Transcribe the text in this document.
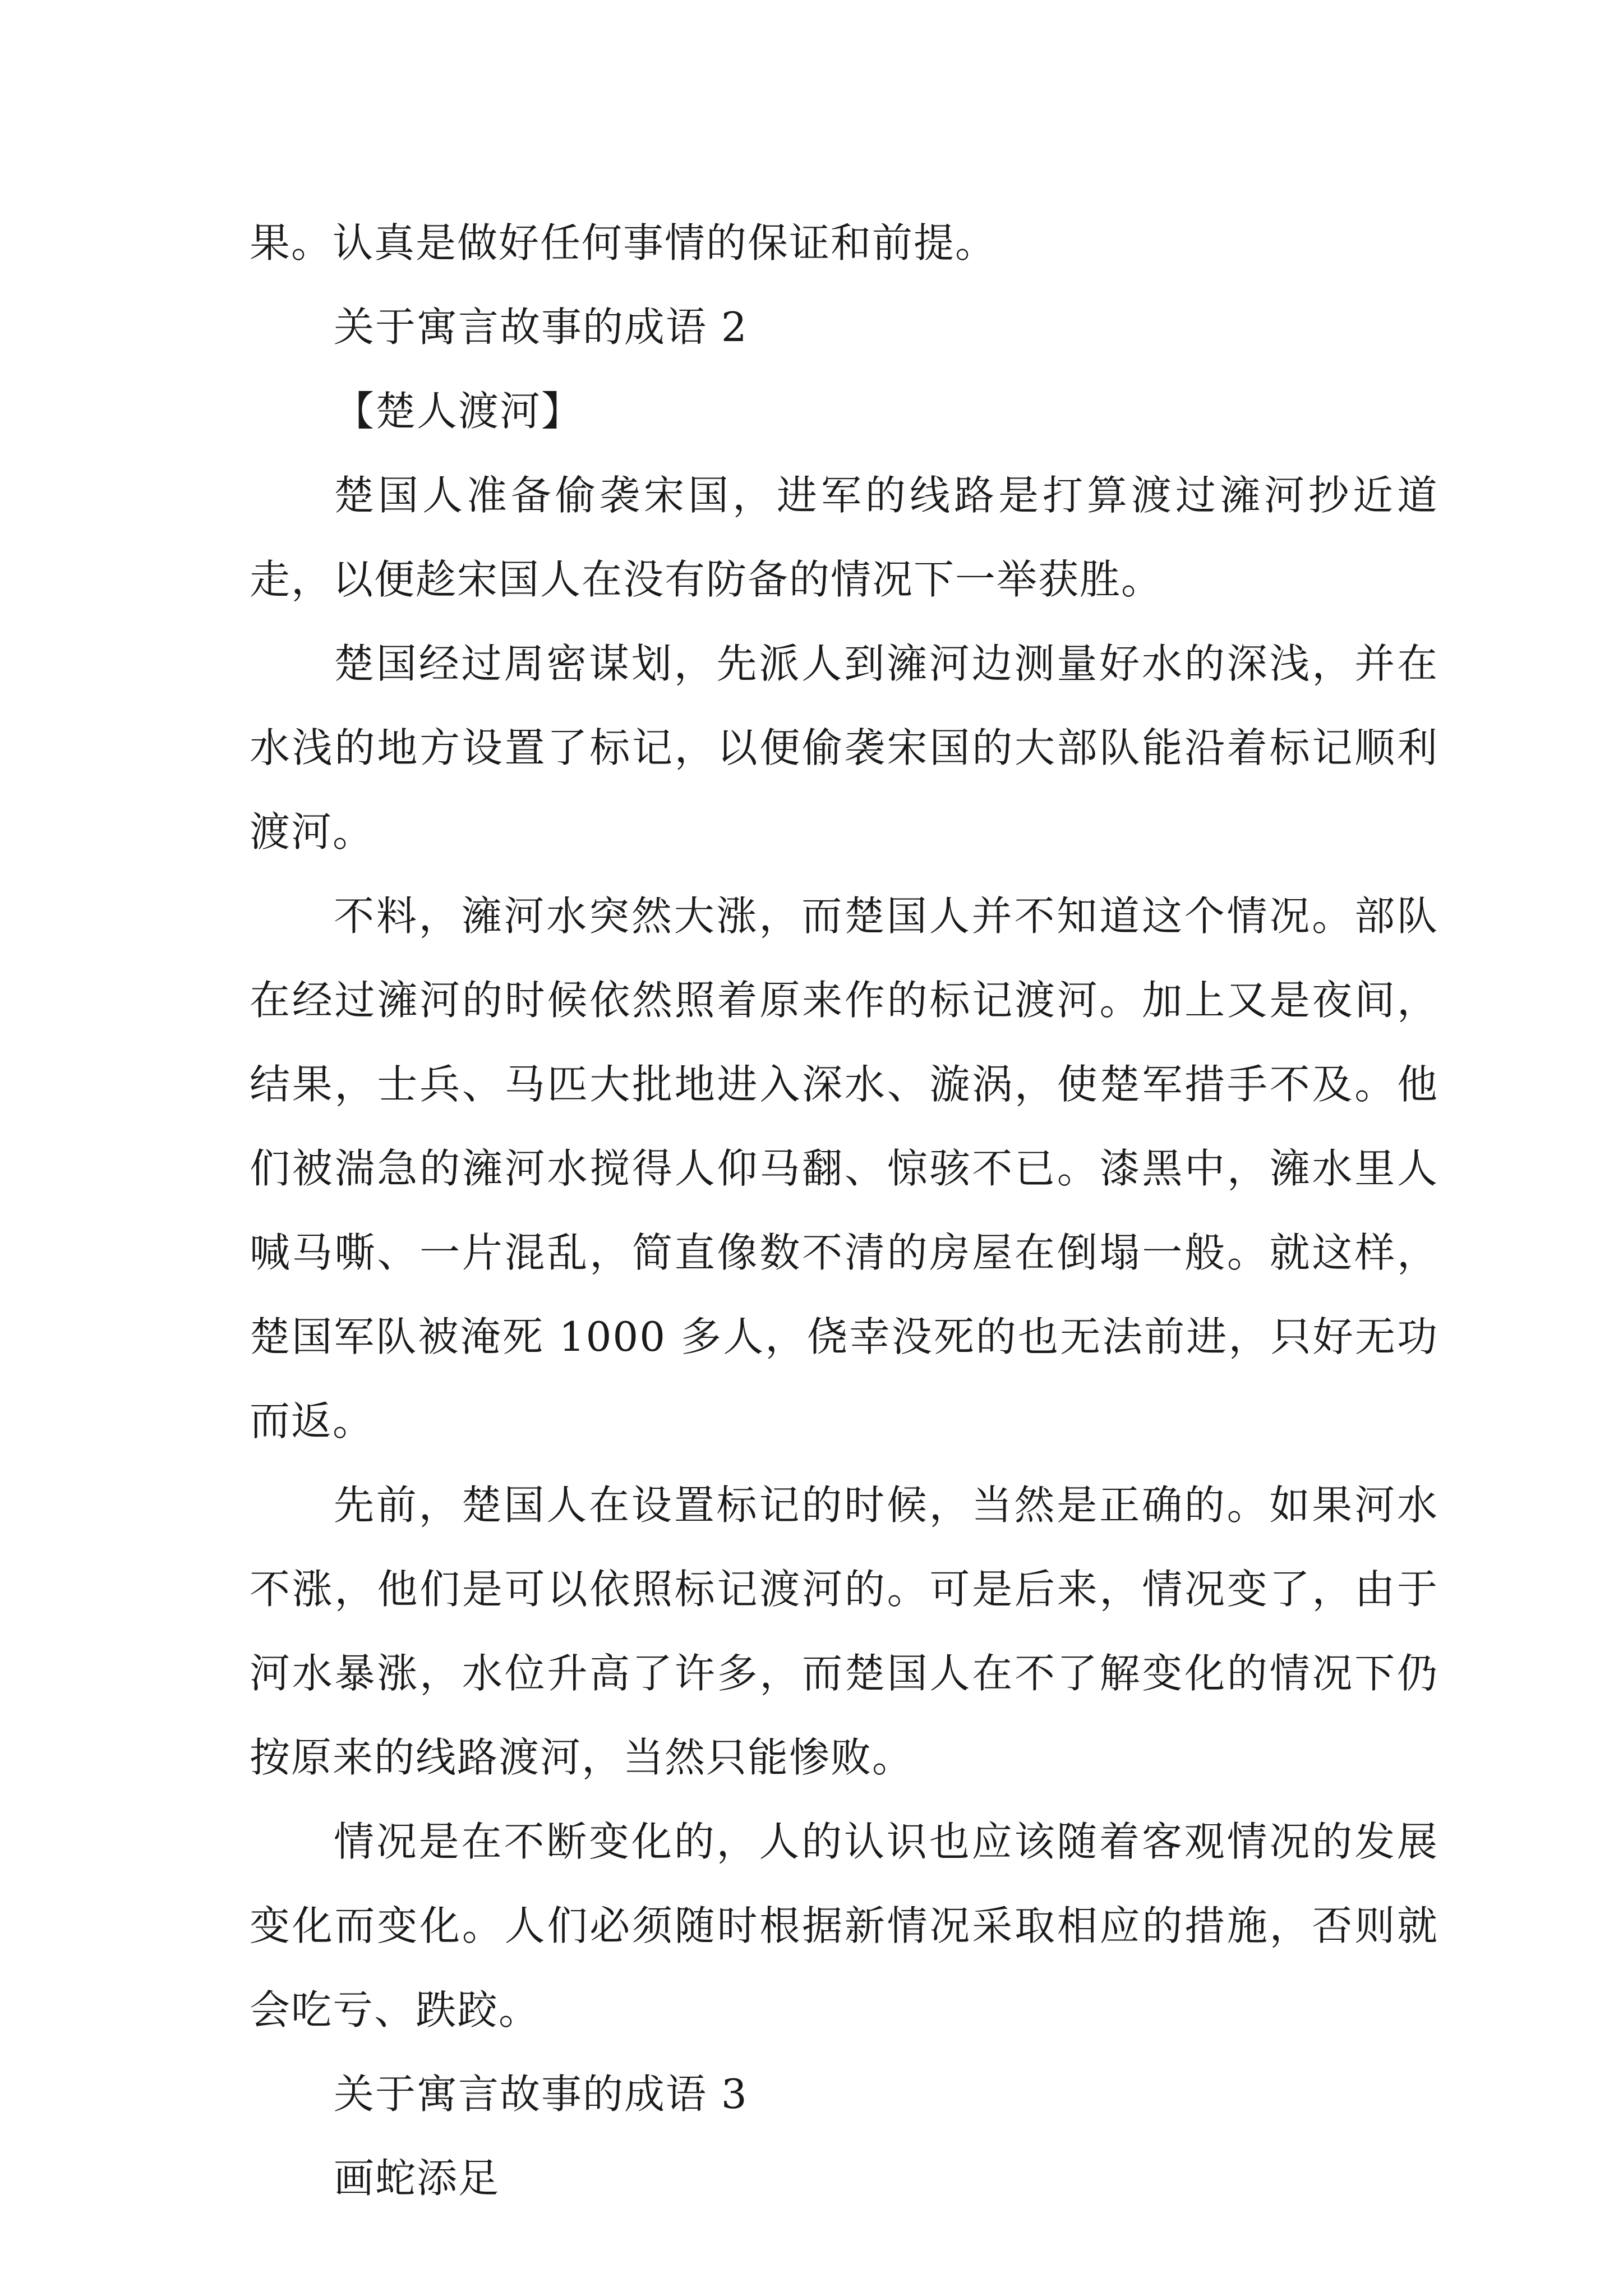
果。认真是做好任何事情的保证和前提。

关于寓言故事的成语 2

【楚人渡河】

楚国人准备偷袭宋国，进军的线路是打算渡过澭河抄近道走，以便趁宋国人在没有防备的情况下一举获胜。

楚国经过周密谋划，先派人到澭河边测量好水的深浅，并在水浅的地方设置了标记，以便偷袭宋国的大部队能沿着标记顺利渡河。

不料，澭河水突然大涨，而楚国人并不知道这个情况。部队在经过澭河的时候依然照着原来作的标记渡河。加上又是夜间，结果，士兵、马匹大批地进入深水、漩涡，使楚军措手不及。他们被湍急的澭河水搅得人仰马翻、惊骇不已。漆黑中，澭水里人喊马嘶、一片混乱，简直像数不清的房屋在倒塌一般。就这样，楚国军队被淹死 1000 多人，侥幸没死的也无法前进，只好无功而返。

先前，楚国人在设置标记的时候，当然是正确的。如果河水不涨，他们是可以依照标记渡河的。可是后来，情况变了，由于河水暴涨，水位升高了许多，而楚国人在不了解变化的情况下仍按原来的线路渡河，当然只能惨败。

情况是在不断变化的，人的认识也应该随着客观情况的发展变化而变化。人们必须随时根据新情况采取相应的措施，否则就会吃亏、跌跤。

关于寓言故事的成语 3

画蛇添足
